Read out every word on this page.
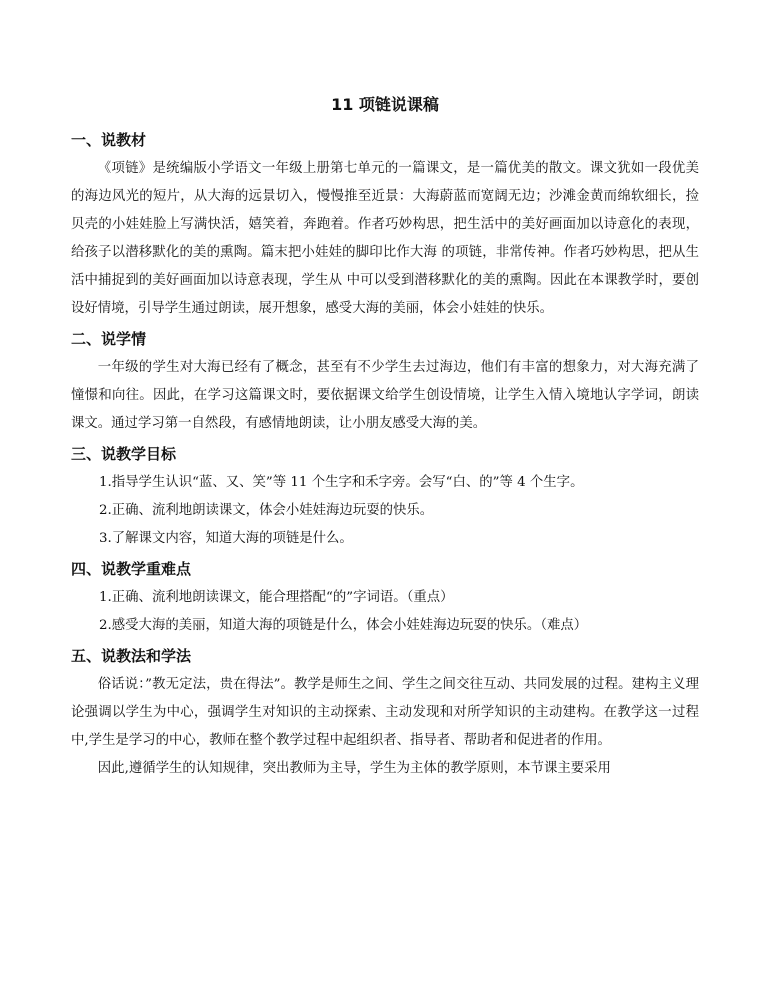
11 项链说课稿
一、说教材

《项链》是统编版小学语文一年级上册第七单元的一篇课文，是一篇优美的散文。课文犹如一段优美的海边风光的短片，从大海的远景切入，慢慢推至近景：大海蔚蓝而宽阔无边；沙滩金黄而绵软细长，捡贝壳的小娃娃脸上写满快活，嬉笑着，奔跑着。作者巧妙构思，把生活中的美好画面加以诗意化的表现，给孩子以潜移默化的美的熏陶。篇末把小娃娃的脚印比作大海 的项链，非常传神。作者巧妙构思，把从生活中捕捉到的美好画面加以诗意表现，学生从 中可以受到潜移默化的美的熏陶。因此在本课教学时，要创设好情境，引导学生通过朗读，展开想象，感受大海的美丽，体会小娃娃的快乐。

二、说学情

一年级的学生对大海已经有了概念，甚至有不少学生去过海边，他们有丰富的想象力，对大海充满了憧憬和向往。因此，在学习这篇课文时，要依据课文给学生创设情境，让学生入情入境地认字学词，朗读课文。通过学习第一自然段，有感情地朗读，让小朋友感受大海的美。

三、说教学目标

1.指导学生认识“蓝、又、笑”等 11 个生字和禾字旁。会写“白、的”等 4 个生字。

2.正确、流利地朗读课文，体会小娃娃海边玩耍的快乐。

3.了解课文内容，知道大海的项链是什么。

四、说教学重难点

1.正确、流利地朗读课文，能合理搭配“的”字词语。（重点）

2.感受大海的美丽，知道大海的项链是什么，体会小娃娃海边玩耍的快乐。（难点）

五、说教法和学法

俗话说：”教无定法，贵在得法”。教学是师生之间、学生之间交往互动、共同发展的过程。建构主义理论强调以学生为中心，强调学生对知识的主动探索、主动发现和对所学知识的主动建构。在教学这一过程中,学生是学习的中心，教师在整个教学过程中起组织者、指导者、帮助者和促进者的作用。

因此,遵循学生的认知规律，突出教师为主导，学生为主体的教学原则，本节课主要采用
